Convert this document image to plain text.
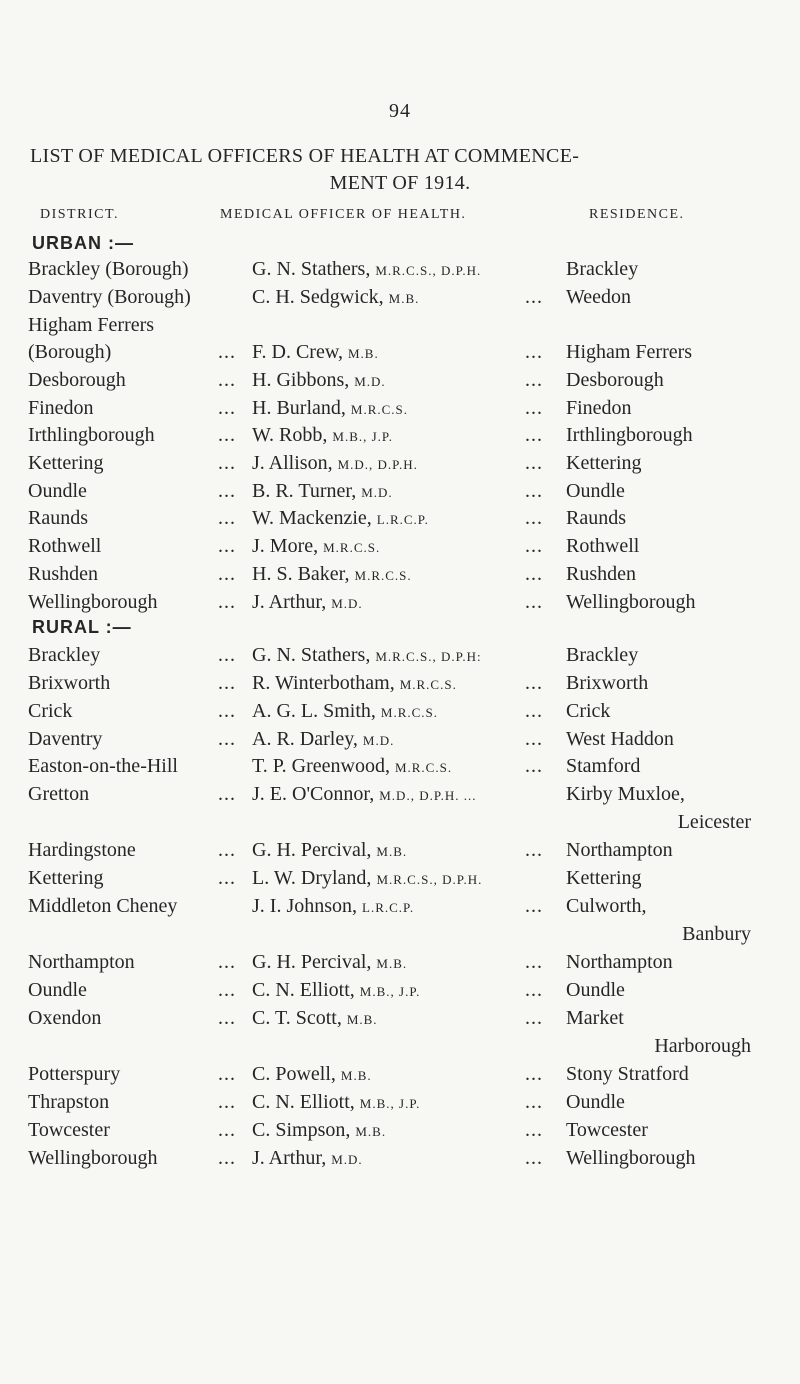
94
LIST OF MEDICAL OFFICERS OF HEALTH AT COMMENCE-
MENT OF 1914.
DISTRICT.	MEDICAL OFFICER OF HEALTH.	RESIDENCE.
URBAN :—
Brackley (Borough)	G. N. Stathers, M.R.C.S., D.P.H.	Brackley
Daventry (Borough)	C. H. Sedgwick, M.B.	... Weedon
Higham Ferrers
(Borough)	... F. D. Crew, M.B.	... Higham Ferrers
Desborough	... H. Gibbons, M.D.	... Desborough
Finedon	... H. Burland, M.R.C.S.	... Finedon
Irthlingborough	... W. Robb, M.B., J.P.	... Irthlingborough
Kettering	... J. Allison, M.D., D.P.H.	... Kettering
Oundle	... B. R. Turner, M.D.	... Oundle
Raunds	... W. Mackenzie, L.R.C.P.	... Raunds
Rothwell	... J. More, M.R.C.S.	... Rothwell
Rushden	... H. S. Baker, M.R.C.S.	... Rushden
Wellingborough	... J. Arthur, M.D.	... Wellingborough
RURAL :—
Brackley	... G. N. Stathers, M.R.C.S., D.P.H:	Brackley
Brixworth	... R. Winterbotham, M.R.C.S.	... Brixworth
Crick	... A. G. L. Smith, M.R.C.S.	... Crick
Daventry	... A. R. Darley, M.D.	... West Haddon
Easton-on-the-Hill	T. P. Greenwood, M.R.C.S.	... Stamford
Gretton	... J. E. O'Connor, M.D., D.P.H. ...	Kirby Muxloe,
Leicester
Hardingstone	... G. H. Percival, M.B.	... Northampton
Kettering	... L. W. Dryland, M.R.C.S., D.P.H.	Kettering
Middleton Cheney	J. I. Johnson, L.R.C.P.	... Culworth,
Banbury
Northampton	... G. H. Percival, M.B.	... Northampton
Oundle	... C. N. Elliott, M.B., J.P.	... Oundle
Oxendon	... C. T. Scott, M.B.	... Market
Harborough
Potterspury	... C. Powell, M.B.	... Stony Stratford
Thrapston	... C. N. Elliott, M.B., J.P.	... Oundle
Towcester	... C. Simpson, M.B.	... Towcester
Wellingborough	... J. Arthur, M.D.	... Wellingborough
